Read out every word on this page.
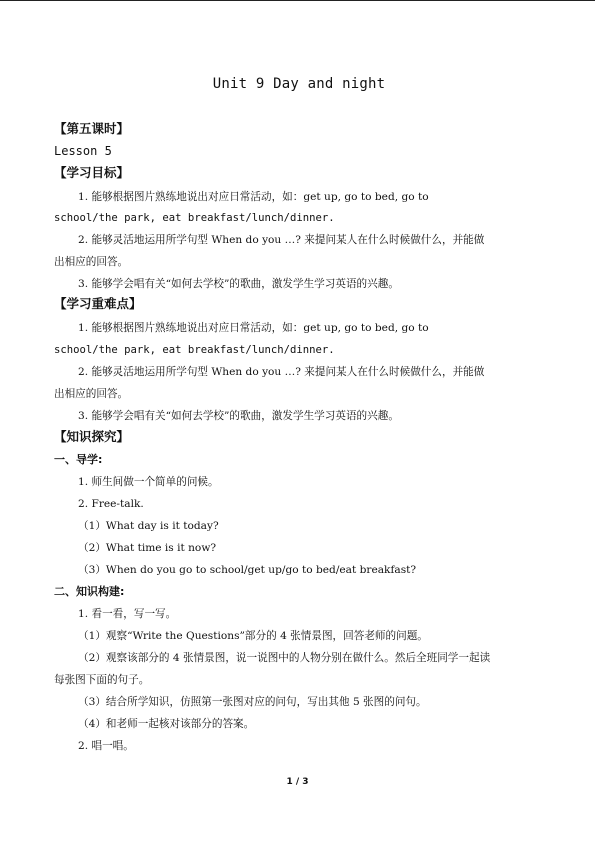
Unit 9 Day and night
【第五课时】
Lesson 5
【学习目标】
1. 能够根据图片熟练地说出对应日常活动，如：get up, go to bed, go to
school/the park, eat breakfast/lunch/dinner.
2. 能够灵活地运用所学句型 When do you …? 来提问某人在什么时候做什么，并能做
出相应的回答。
3. 能够学会唱有关“如何去学校”的歌曲，激发学生学习英语的兴趣。
【学习重难点】
1. 能够根据图片熟练地说出对应日常活动，如：get up, go to bed, go to
school/the park, eat breakfast/lunch/dinner.
2. 能够灵活地运用所学句型 When do you …? 来提问某人在什么时候做什么，并能做
出相应的回答。
3. 能够学会唱有关“如何去学校”的歌曲，激发学生学习英语的兴趣。
【知识探究】
一、导学:
1. 师生间做一个简单的问候。
2. Free-talk.
（1）What day is it today?
（2）What time is it now?
（3）When do you go to school/get up/go to bed/eat breakfast?
二、知识构建:
1. 看一看，写一写。
（1）观察“Write the Questions”部分的 4 张情景图，回答老师的问题。
（2）观察该部分的 4 张情景图，说一说图中的人物分别在做什么。然后全班同学一起读
每张图下面的句子。
（3）结合所学知识，仿照第一张图对应的问句，写出其他 5 张图的问句。
（4）和老师一起核对该部分的答案。
2. 唱一唱。
1 / 3
